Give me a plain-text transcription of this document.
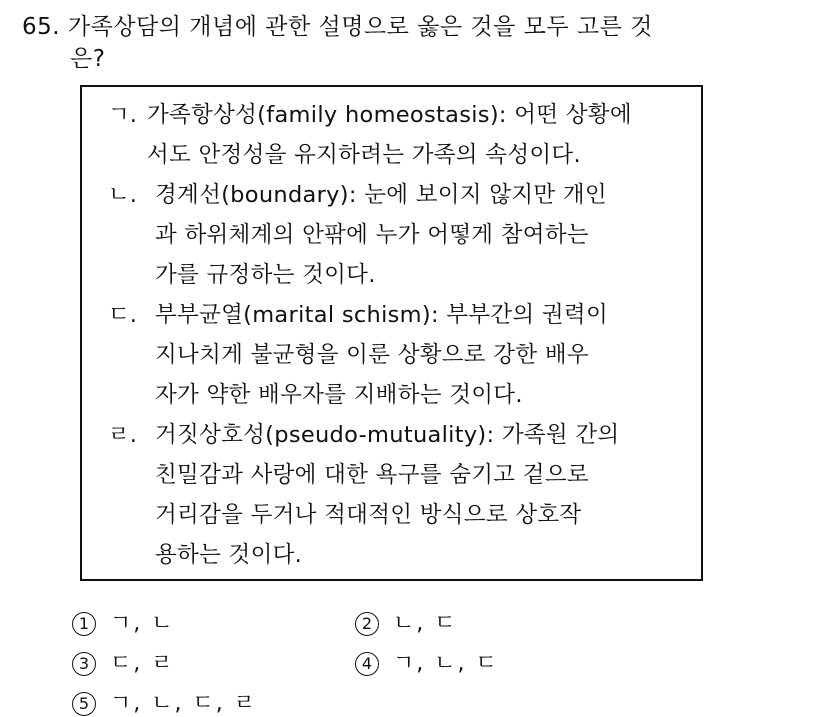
65. 가족상담의 개념에 관한 설명으로 옳은 것을 모두 고른 것
은?
ㄱ. 가족항상성(family homeostasis): 어떤 상황에
서도 안정성을 유지하려는 가족의 속성이다.
ㄴ. 경계선(boundary): 눈에 보이지 않지만 개인
과 하위체계의 안팎에 누가 어떻게 참여하는
가를 규정하는 것이다.
ㄷ. 부부균열(marital schism): 부부간의 권력이
지나치게 불균형을 이룬 상황으로 강한 배우
자가 약한 배우자를 지배하는 것이다.
ㄹ. 거짓상호성(pseudo-mutuality): 가족원 간의
친밀감과 사랑에 대한 욕구를 숨기고 겉으로
거리감을 두거나 적대적인 방식으로 상호작
용하는 것이다.
1 ㄱ, ㄴ	2 ㄴ, ㄷ
3 ㄷ, ㄹ	4 ㄱ, ㄴ, ㄷ
5 ㄱ, ㄴ, ㄷ, ㄹ
